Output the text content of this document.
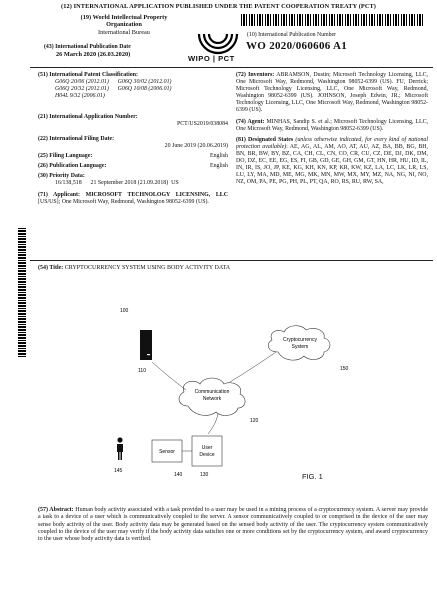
(12) INTERNATIONAL APPLICATION PUBLISHED UNDER THE PATENT COOPERATION TREATY (PCT)
(19) World Intellectual Property
Organization
International Bureau	(10) International Publication Number
WO 2020/060606 A1
(43) International Publication Date
26 March 2020 (26.03.2020)	WIPO | PCT
(51) International Patent Classification:
G06Q 20/06 (2012.01)      G06Q 30/02 (2012.01)
G06Q 20/32 (2012.01)      G06Q 10/08 (2006.01)
H04L 9/32 (2006.01)
(21) International Application Number:
PCT/US2019/038084
(22) International Filing Date:
20 June 2019 (20.06.2019)
(25) Filing Language:	English
(26) Publication Language:	English
(30) Priority Data:
16/138,518      21 September 2018 (21.09.2018)  US
(71) Applicant: MICROSOFT TECHNOLOGY LICENSING, LLC [US/US]; One Microsoft Way, Redmond, Washington 98052-6399 (US).
(72) Inventors: ABRAMSON, Dustin; Microsoft Technology Licensing, LLC, One Microsoft Way, Redmond, Washington 98052-6399 (US). FU, Derrick; Microsoft Technology Licensing, LLC, One Microsoft Way, Redmond, Washington 98052-6399 (US). JOHNSON, Joseph Edwin, JR.; Microsoft Technology Licensing, LLC, One Microsoft Way, Redmond, Washington 98052-6399 (US).
(74) Agent: MINHAS, Sandip S. et al.; Microsoft Technology Licensing, LLC, One Microsoft Way, Redmond, Washington 98052-6399 (US).
(81) Designated States (unless otherwise indicated, for every kind of national protection available): AE, AG, AL, AM, AO, AT, AU, AZ, BA, BB, BG, BH, BN, BR, BW, BY, BZ, CA, CH, CL, CN, CO, CR, CU, CZ, DE, DJ, DK, DM, DO, DZ, EC, EE, EG, ES, FI, GB, GD, GE, GH, GM, GT, HN, HR, HU, ID, IL, IN, IR, IS, JO, JP, KE, KG, KH, KN, KP, KR, KW, KZ, LA, LC, LK, LR, LS, LU, LY, MA, MD, ME, MG, MK, MN, MW, MX, MY, MZ, NA, NG, NI, NO, NZ, OM, PA, PE, PG, PH, PL, PT, QA, RO, RS, RU, RW, SA,
(54) Title: CRYPTOCURRENCY SYSTEM USING BODY ACTIVITY DATA
100
110
Cryptocurrency
System
150
Communication
Network
120
145
Sensor
User
Device
140	130	FIG. 1
(57) Abstract: Human body activity associated with a task provided to a user may be used in a mining process of a cryptocurrency system. A server may provide a task to a device of a user which is communicatively coupled to the server. A sensor communicatively coupled to or comprised in the device of the user may sense body activity of the user. Body activity data may be generated based on the sensed body activity of the user. The cryptocurrency system communicatively coupled to the device of the user may verify if the body activity data satisfies one or more conditions set by the cryptocurrency system, and award cryptocurrency to the user whose body activity data is verified.
